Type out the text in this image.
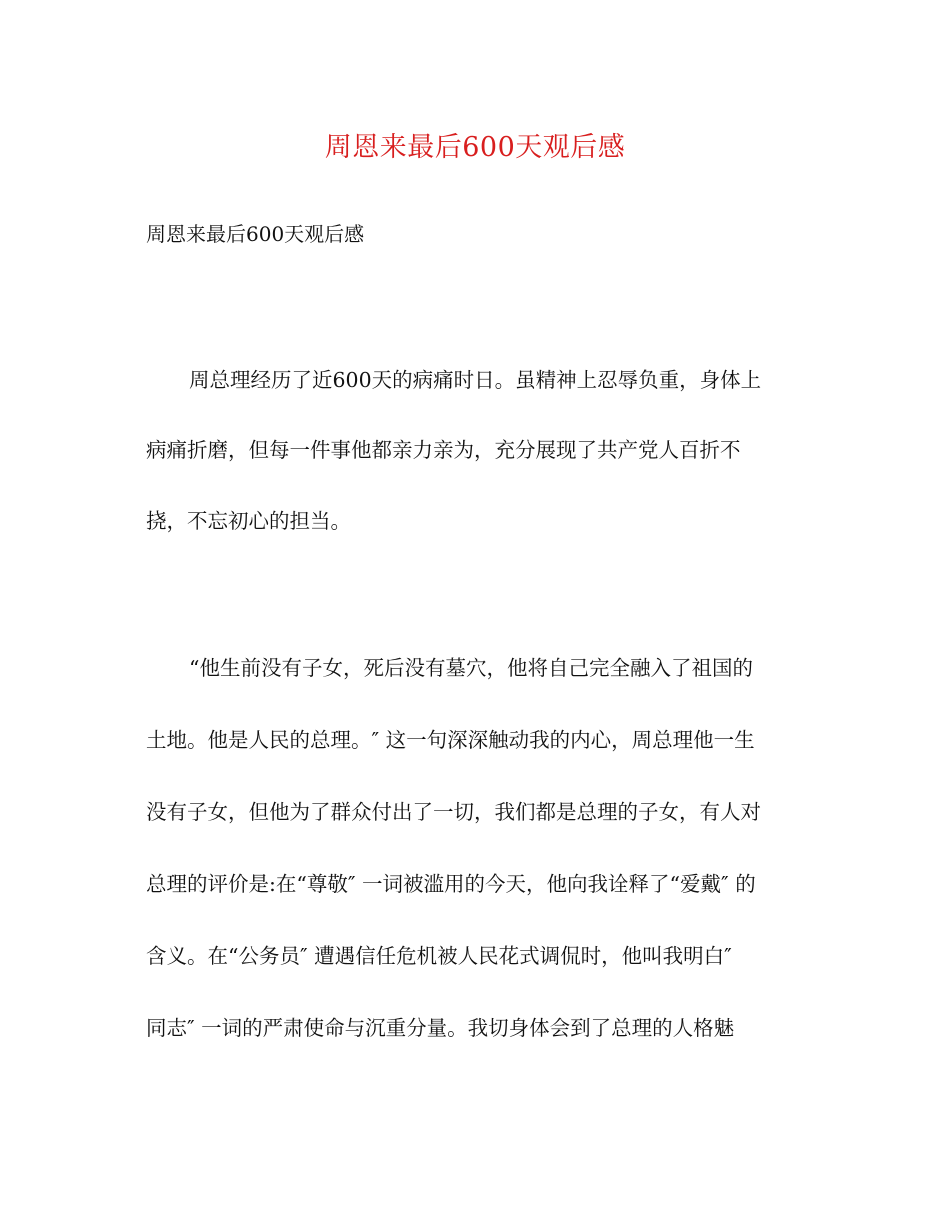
周恩来最后600天观后感
周恩来最后600天观后感
周总理经历了近600天的病痛时日。虽精神上忍辱负重，身体上
病痛折磨，但每一件事他都亲力亲为，充分展现了共产党人百折不
挠，不忘初心的担当。
“他生前没有子女，死后没有墓穴，他将自己完全融入了祖国的
土地。他是人民的总理。″ 这一句深深触动我的内心，周总理他一生
没有子女，但他为了群众付出了一切，我们都是总理的子女，有人对
总理的评价是:在“尊敬″ 一词被滥用的今天，他向我诠释了“爱戴″ 的
含义。在“公务员″ 遭遇信任危机被人民花式调侃时，他叫我明白″
同志″ 一词的严肃使命与沉重分量。我切身体会到了总理的人格魅
